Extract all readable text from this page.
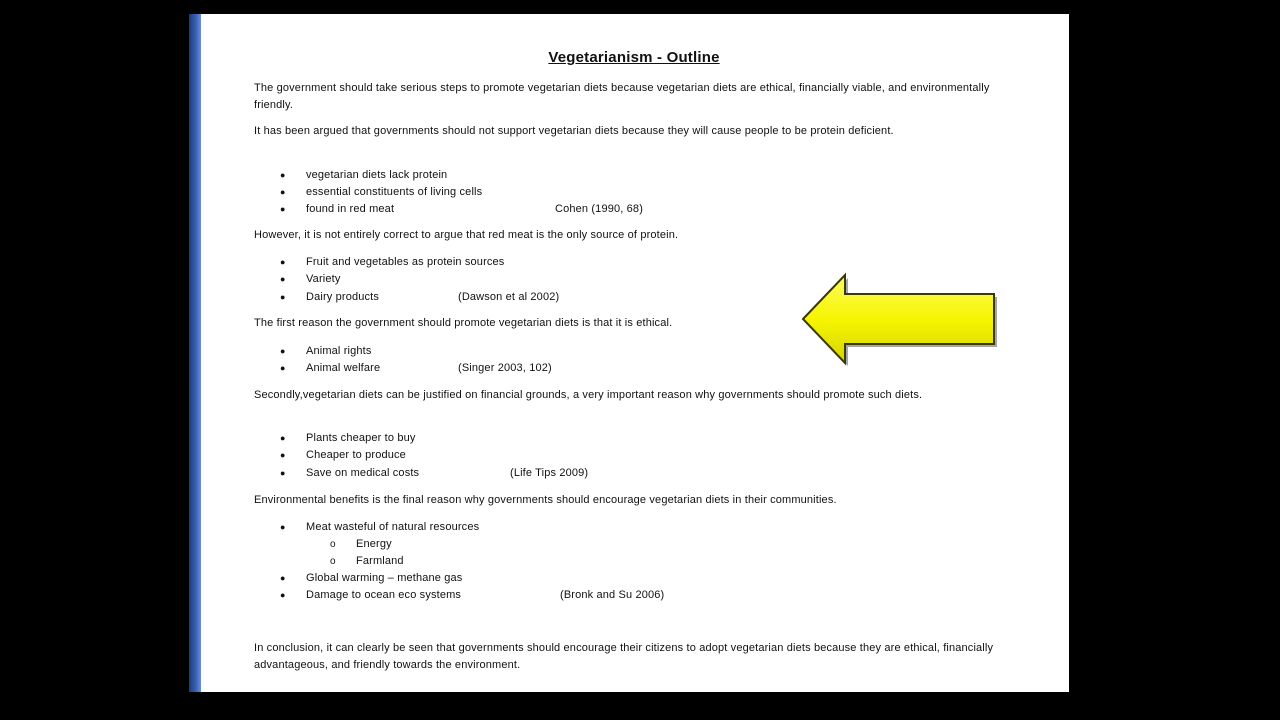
Vegetarianism - Outline

The government should take serious steps to promote vegetarian diets because vegetarian diets are ethical, financially viable, and environmentally friendly.

It has been argued that governments should not support vegetarian diets because they will cause people to be protein deficient.

● vegetarian diets lack protein
● essential constituents of living cells
● found in red meat	Cohen (1990, 68)

However, it is not entirely correct to argue that red meat is the only source of protein.

● Fruit and vegetables as protein sources
● Variety
● Dairy products	(Dawson et al 2002)

The first reason the government should promote vegetarian diets is that it is ethical.

● Animal rights
● Animal welfare	(Singer 2003, 102)

Secondly,vegetarian diets can be justified on financial grounds, a very important reason why governments should promote such diets.

● Plants cheaper to buy
● Cheaper to produce
● Save on medical costs	(Life Tips 2009)

Environmental benefits is the final reason why governments should encourage vegetarian diets in their communities.

● Meat wasteful of natural resources
o Energy
o Farmland
● Global warming – methane gas
● Damage to ocean eco systems	(Bronk and Su 2006)

In conclusion, it can clearly be seen that governments should encourage their citizens to adopt vegetarian diets because they are ethical, financially advantageous, and friendly towards the environment.
